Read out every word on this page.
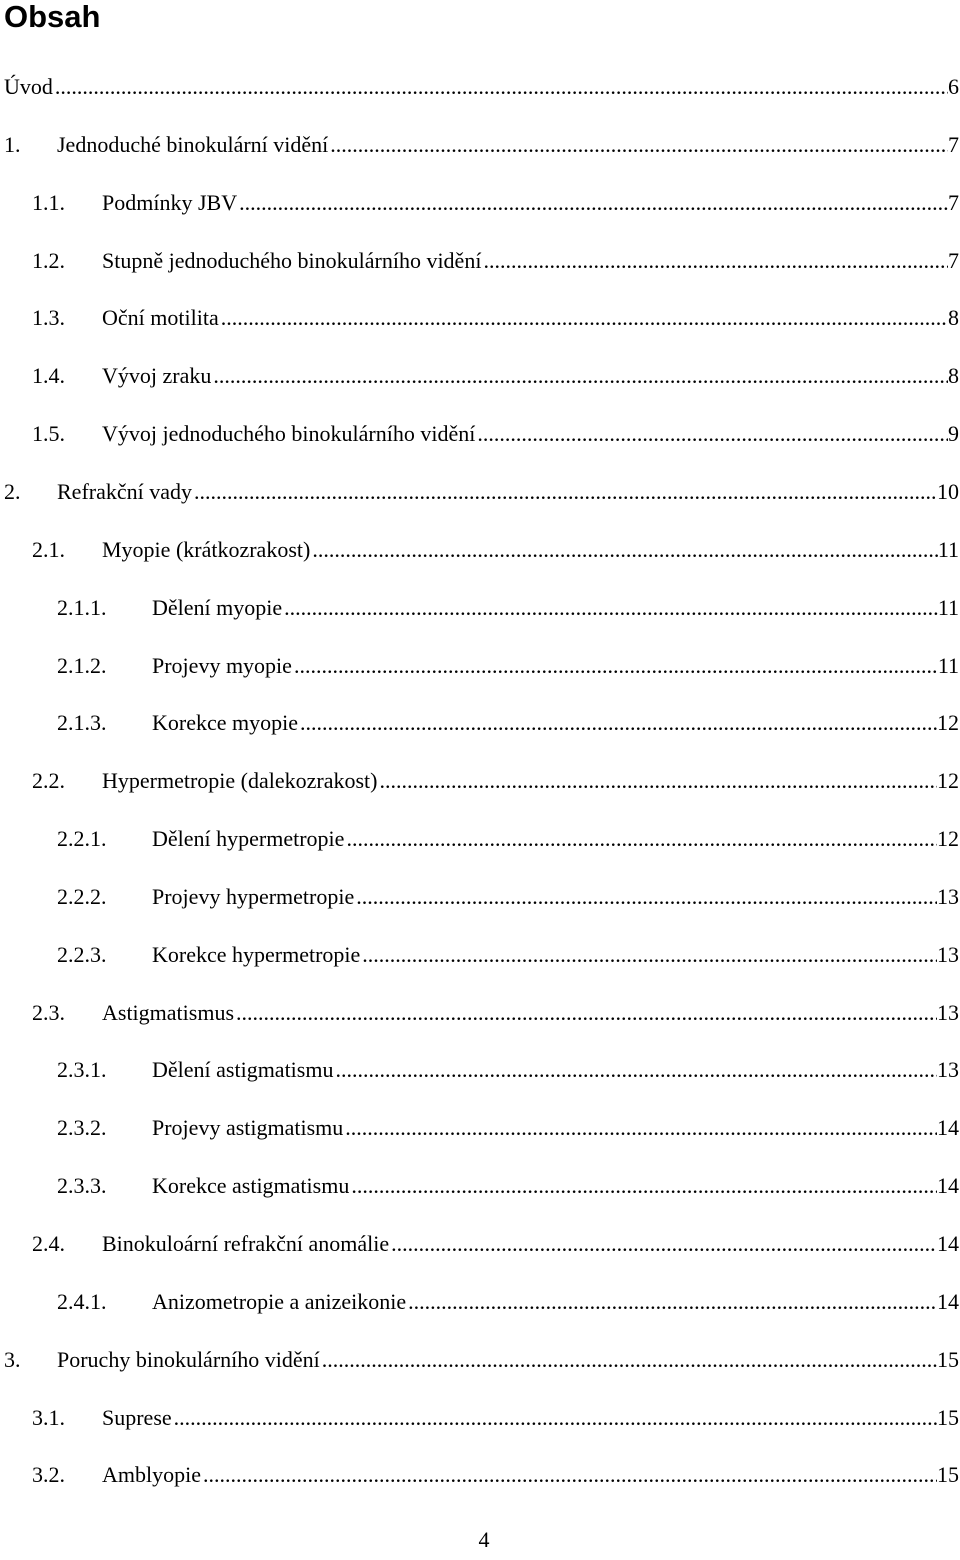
Obsah
Úvod .....	6
1. Jednoduché binokulární vidění .....	7
1.1. Podmínky JBV .....	7
1.2. Stupně jednoduchého binokulárního vidění .....	7
1.3. Oční motilita .....	8
1.4. Vývoj zraku .....	8
1.5. Vývoj jednoduchého binokulárního vidění .....	9
2. Refrakční vady .....	10
2.1. Myopie (krátkozrakost) .....	11
2.1.1. Dělení myopie .....	11
2.1.2. Projevy myopie .....	11
2.1.3. Korekce myopie .....	12
2.2. Hypermetropie (dalekozrakost) .....	12
2.2.1. Dělení hypermetropie .....	12
2.2.2. Projevy hypermetropie .....	13
2.2.3. Korekce hypermetropie .....	13
2.3. Astigmatismus .....	13
2.3.1. Dělení astigmatismu .....	13
2.3.2. Projevy astigmatismu .....	14
2.3.3. Korekce astigmatismu .....	14
2.4. Binokuloární refrakční anomálie .....	14
2.4.1. Anizometropie a anizeikonie .....	14
3. Poruchy binokulárního vidění .....	15
3.1. Suprese .....	15
3.2. Amblyopie .....	15
4
